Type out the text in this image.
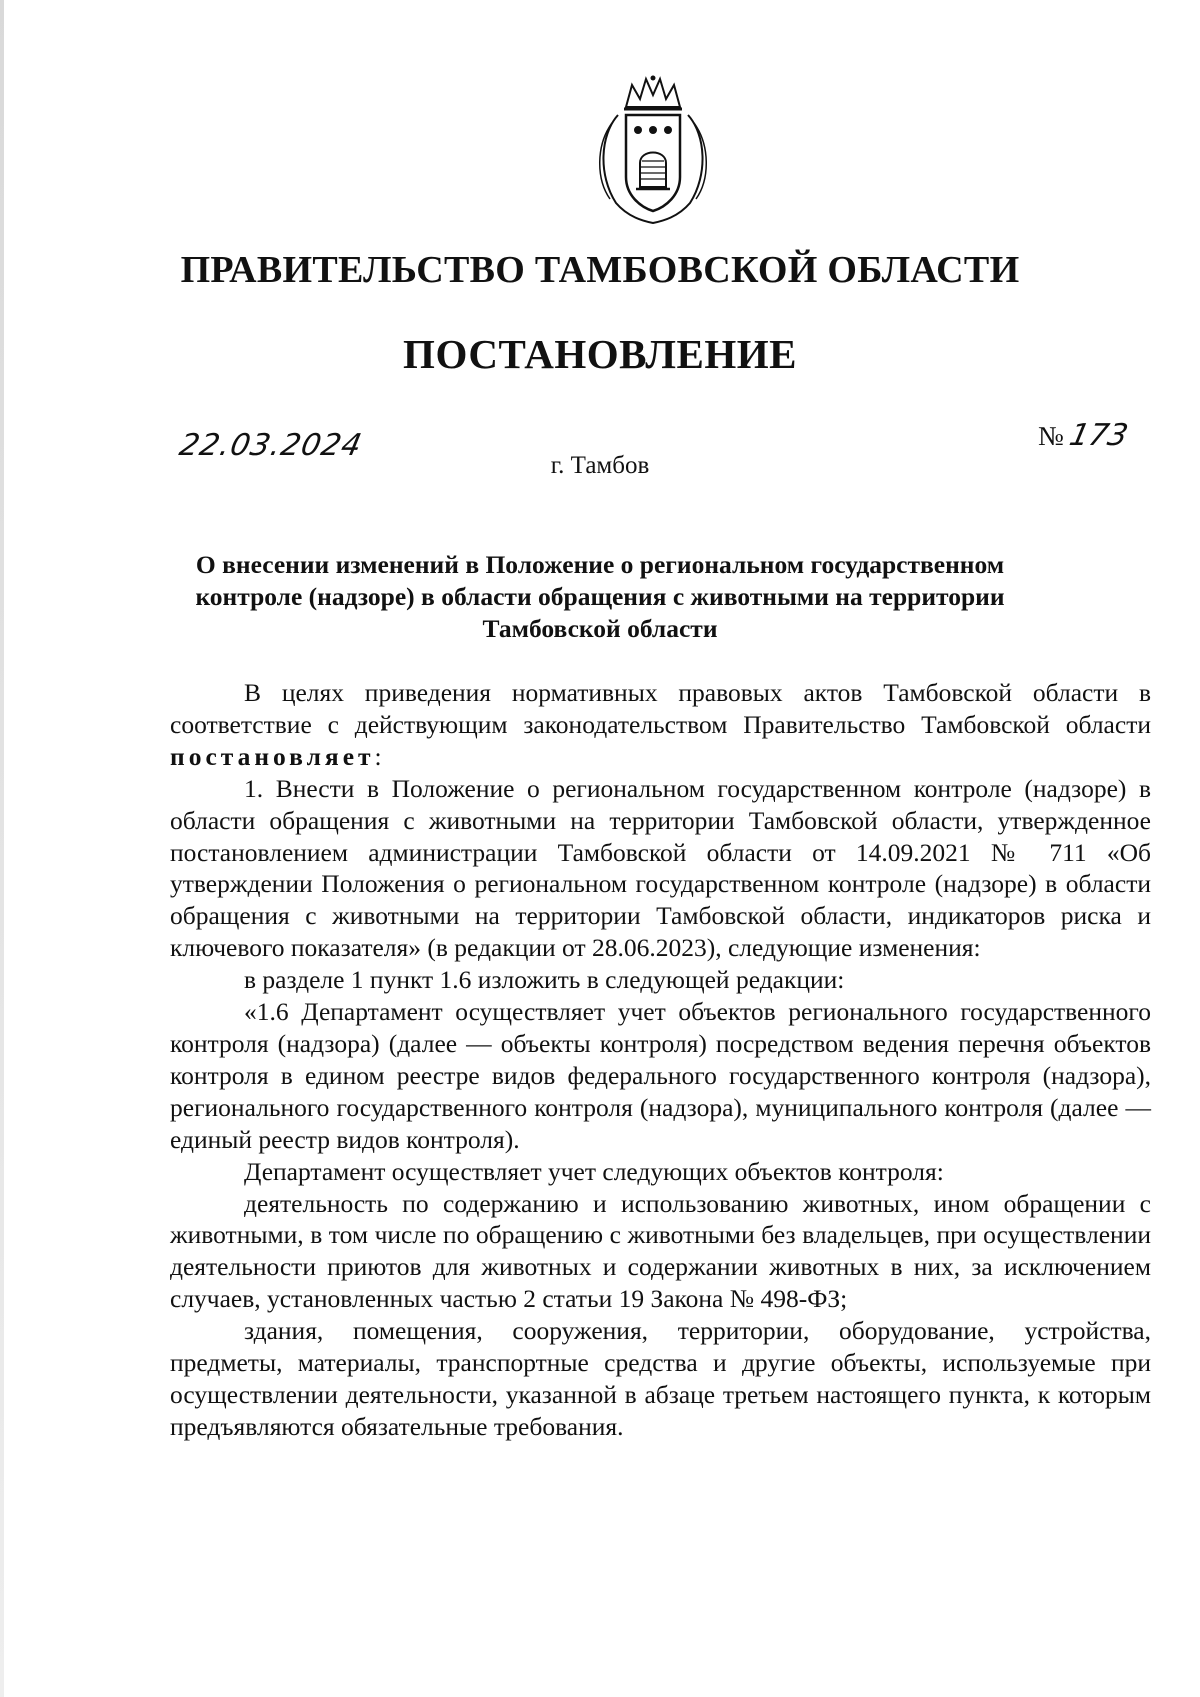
ПРАВИТЕЛЬСТВО ТАМБОВСКОЙ ОБЛАСТИ
ПОСТАНОВЛЕНИЕ
22.03.2024	№173
г. Тамбов
О внесении изменений в Положение о региональном государственном
контроле (надзоре) в области обращения с животными на территории
Тамбовской области

В целях приведения нормативных правовых актов Тамбовской области в соответствие с действующим законодательством Правительство Тамбовской области постановляет:

1. Внести в Положение о региональном государственном контроле (надзоре) в области обращения с животными на территории Тамбовской области, утвержденное постановлением администрации Тамбовской области от 14.09.2021 № 711 «Об утверждении Положения о региональном государственном контроле (надзоре) в области обращения с животными на территории Тамбовской области, индикаторов риска и ключевого показателя» (в редакции от 28.06.2023), следующие изменения:

в разделе 1 пункт 1.6 изложить в следующей редакции:

«1.6 Департамент осуществляет учет объектов регионального государственного контроля (надзора) (далее — объекты контроля) посредством ведения перечня объектов контроля в едином реестре видов федерального государственного контроля (надзора), регионального государственного контроля (надзора), муниципального контроля (далее — единый реестр видов контроля).

Департамент осуществляет учет следующих объектов контроля:

деятельность по содержанию и использованию животных, ином обращении с животными, в том числе по обращению с животными без владельцев, при осуществлении деятельности приютов для животных и содержании животных в них, за исключением случаев, установленных частью 2 статьи 19 Закона № 498-ФЗ;

здания, помещения, сооружения, территории, оборудование, устройства, предметы, материалы, транспортные средства и другие объекты, используемые при осуществлении деятельности, указанной в абзаце третьем настоящего пункта, к которым предъявляются обязательные требования.
